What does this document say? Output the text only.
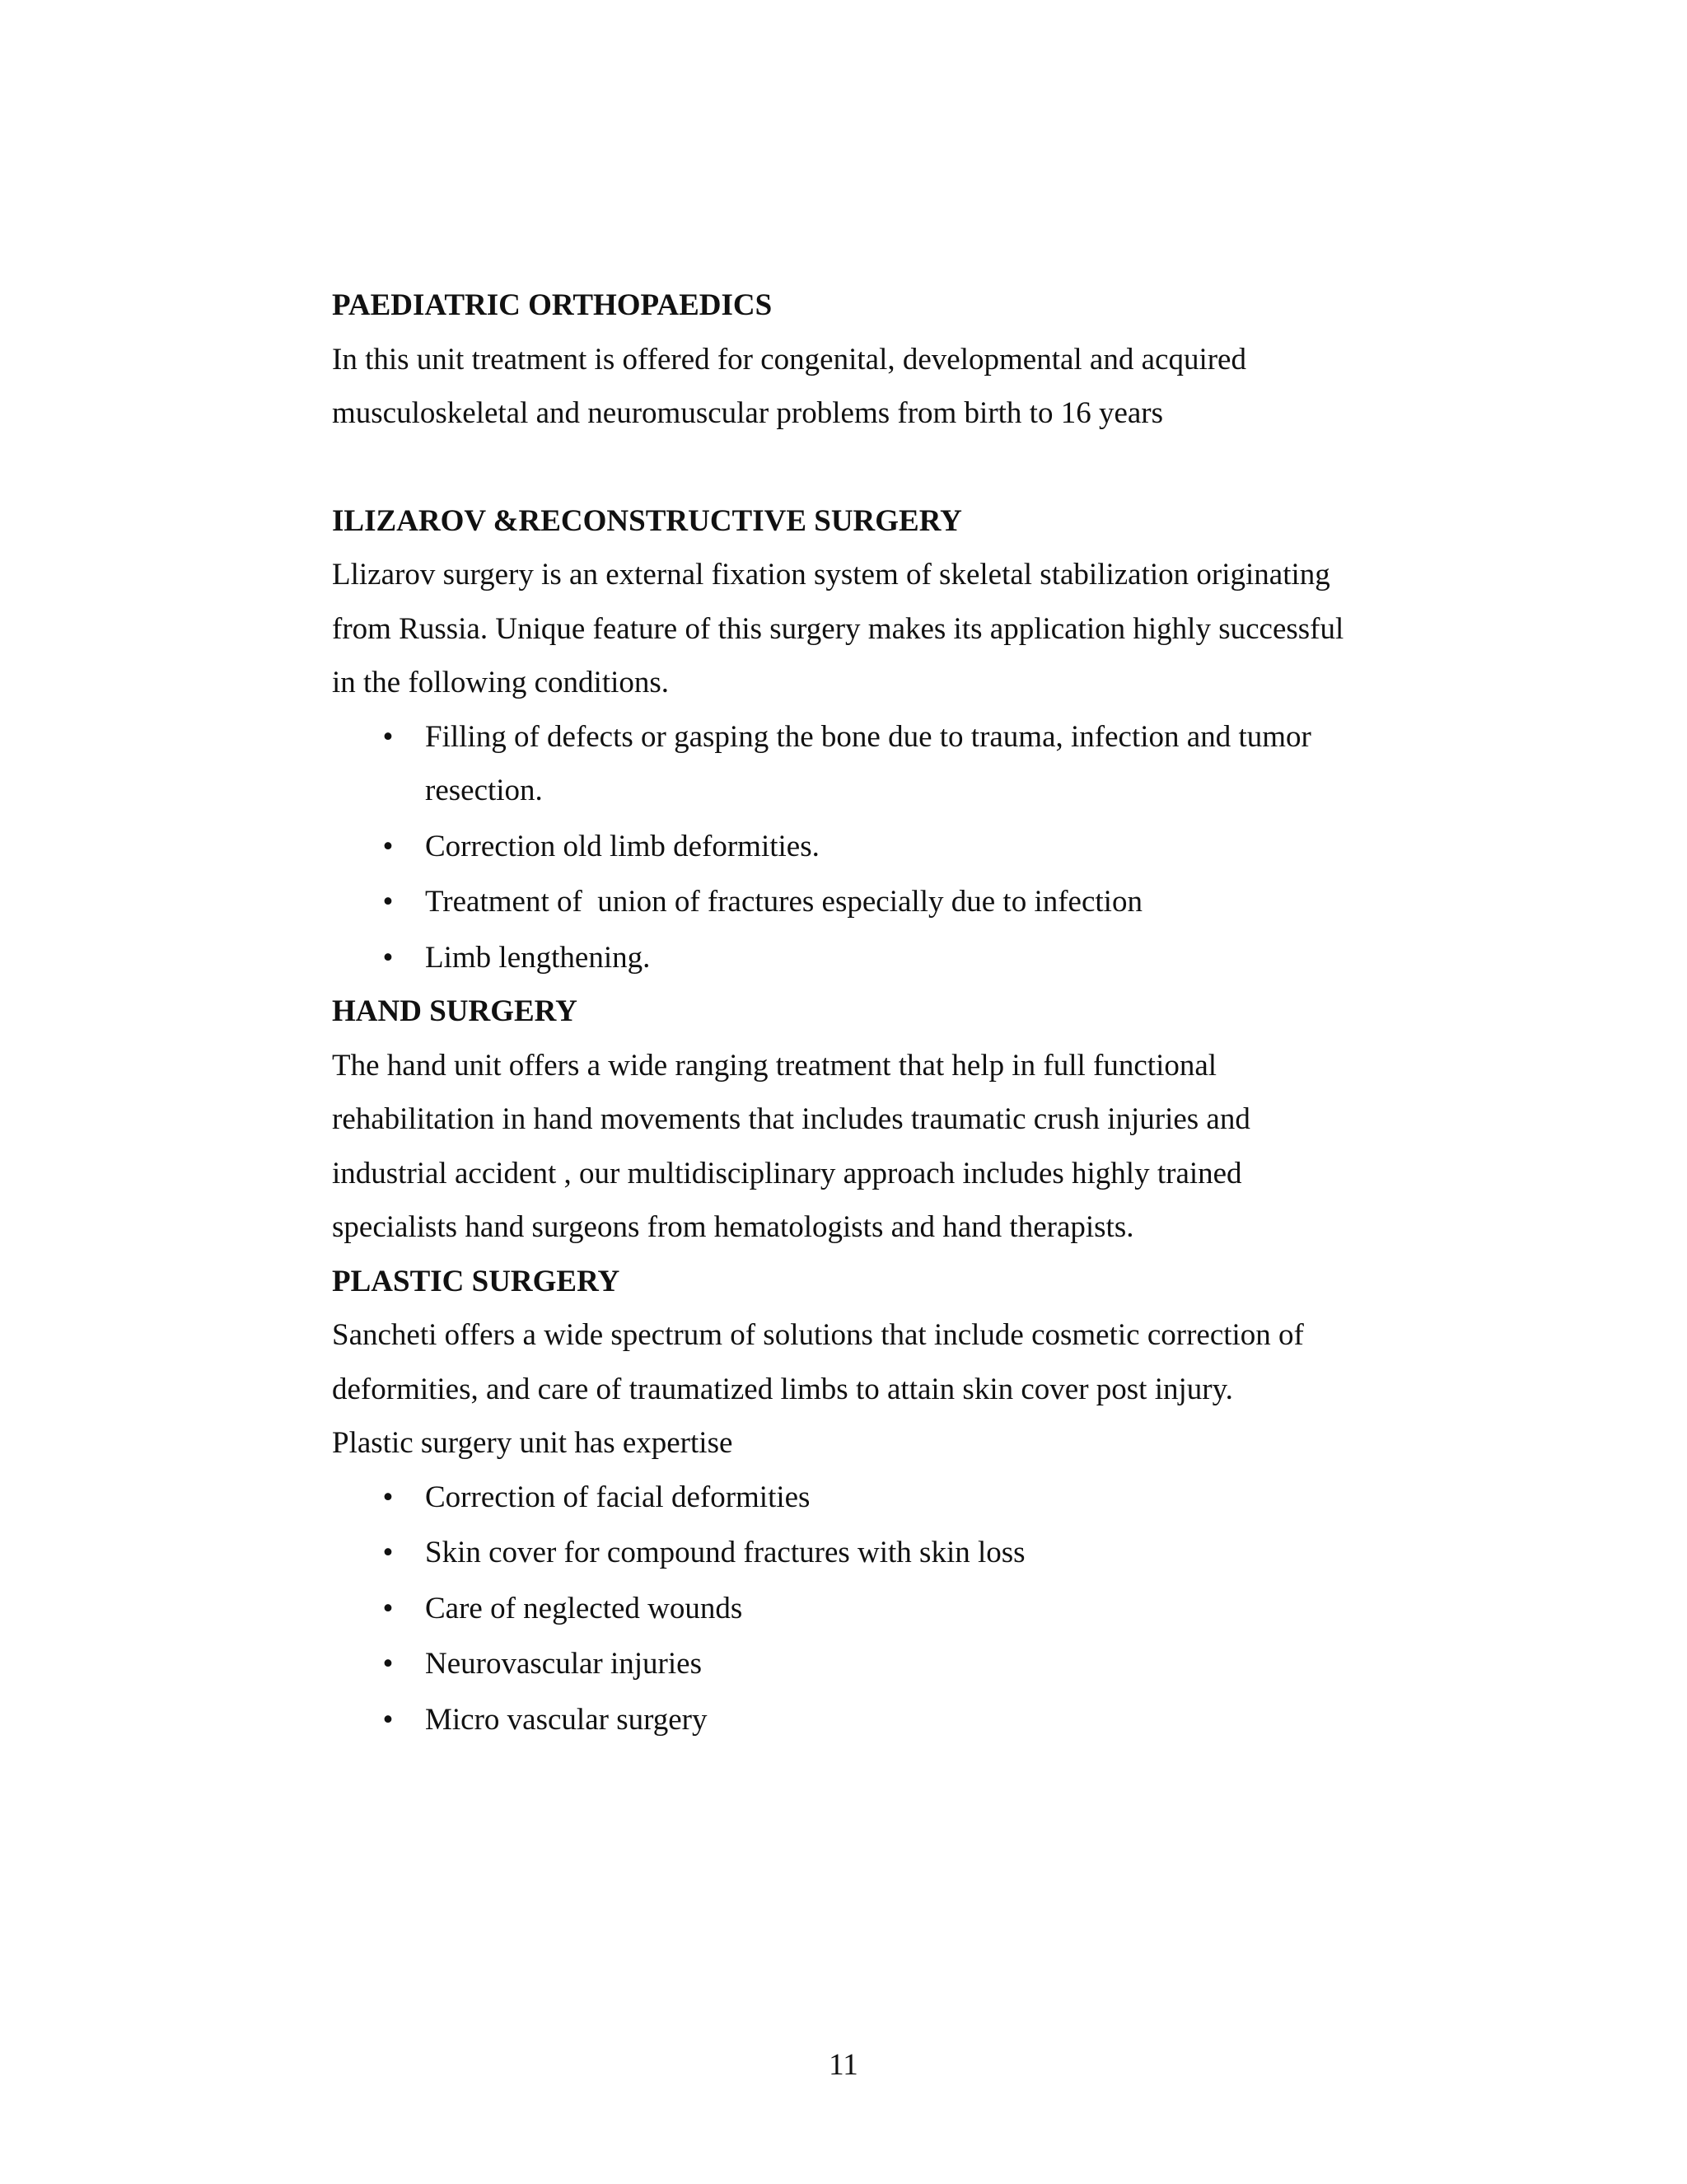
PAEDIATRIC ORTHOPAEDICS

In this unit treatment is offered for congenital, developmental and acquired musculoskeletal and neuromuscular problems from birth to 16 years

ILIZAROV &RECONSTRUCTIVE SURGERY

Llizarov surgery is an external fixation system of skeletal stabilization originating from Russia. Unique feature of this surgery makes its application highly successful in the following conditions.

• Filling of defects or gasping the bone due to trauma, infection and tumor resection.
• Correction old limb deformities.
• Treatment of  union of fractures especially due to infection
• Limb lengthening.
HAND SURGERY

The hand unit offers a wide ranging treatment that help in full functional rehabilitation in hand movements that includes traumatic crush injuries and industrial accident , our multidisciplinary approach includes highly trained specialists hand surgeons from hematologists and hand therapists.

PLASTIC SURGERY

Sancheti offers a wide spectrum of solutions that include cosmetic correction of deformities, and care of traumatized limbs to attain skin cover post injury.

Plastic surgery unit has expertise

• Correction of facial deformities
• Skin cover for compound fractures with skin loss
• Care of neglected wounds
• Neurovascular injuries
• Micro vascular surgery
11
